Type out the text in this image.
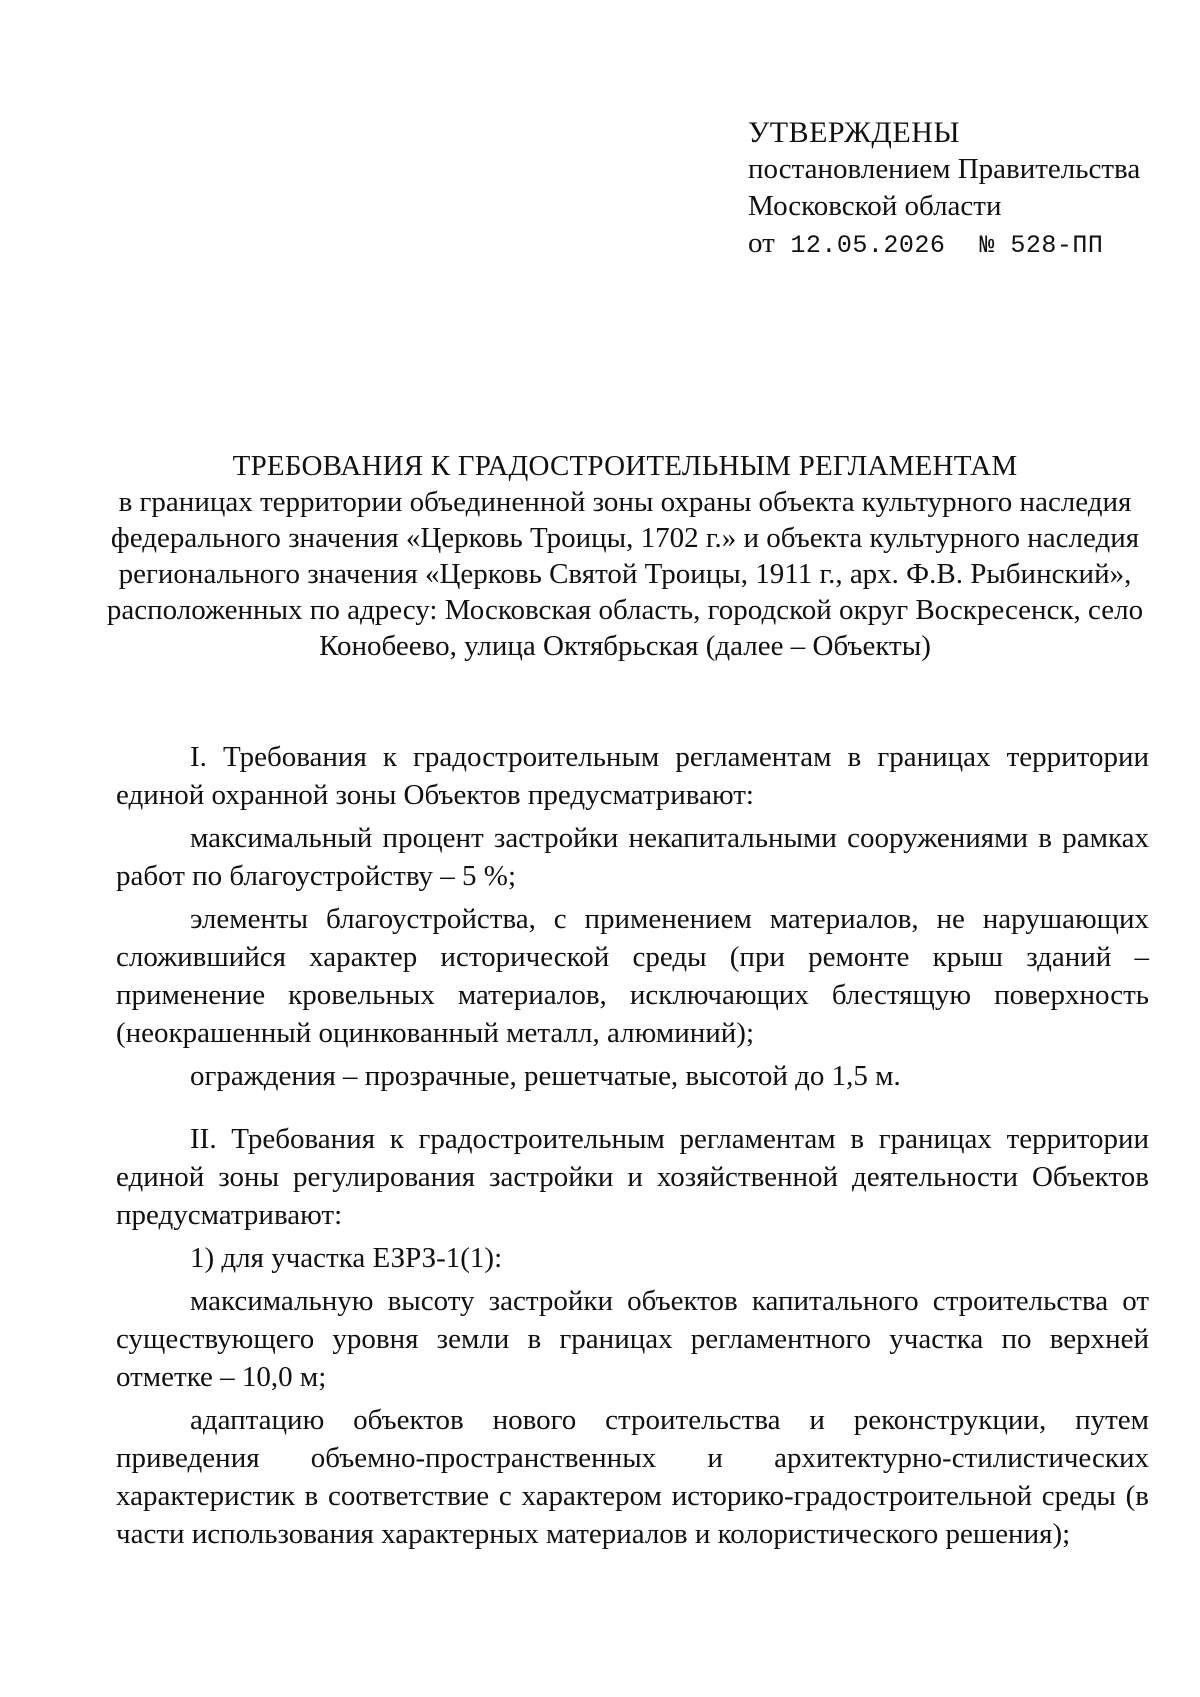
УТВЕРЖДЕНЫ
постановлением Правительства
Московской области
от 12.05.2026 № 528-ПП
ТРЕБОВАНИЯ К ГРАДОСТРОИТЕЛЬНЫМ РЕГЛАМЕНТАМ
в границах территории объединенной зоны охраны объекта культурного наследия
федерального значения «Церковь Троицы, 1702 г.» и объекта культурного наследия
регионального значения «Церковь Святой Троицы, 1911 г., арх. Ф.В. Рыбинский»,
расположенных по адресу: Московская область, городской округ Воскресенск, село
Конобеево, улица Октябрьская (далее – Объекты)

I. Требования к градостроительным регламентам в границах территории единой охранной зоны Объектов предусматривают:

максимальный процент застройки некапитальными сооружениями в рамках работ по благоустройству – 5 %;

элементы благоустройства, с применением материалов, не нарушающих сложившийся характер исторической среды (при ремонте крыш зданий – применение кровельных материалов, исключающих блестящую поверхность (неокрашенный оцинкованный металл, алюминий);

ограждения – прозрачные, решетчатые, высотой до 1,5 м.

II. Требования к градостроительным регламентам в границах территории единой зоны регулирования застройки и хозяйственной деятельности Объектов предусматривают:

1) для участка ЕЗРЗ-1(1):

максимальную высоту застройки объектов капитального строительства от существующего уровня земли в границах регламентного участка по верхней отметке – 10,0 м;

адаптацию объектов нового строительства и реконструкции, путем приведения объемно-пространственных и архитектурно-стилистических характеристик в соответствие с характером историко-градостроительной среды (в части использования характерных материалов и колористического решения);
